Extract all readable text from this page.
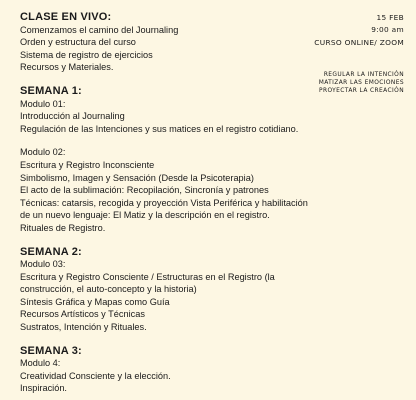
CLASE EN VIVO:
Comenzamos el camino del Journaling
Orden y estructura del curso
Sistema de registro de ejercicios
Recursos y Materiales.
SEMANA 1:
Modulo 01:
Introducción al Journaling
Regulación de las Intenciones y sus matices en el registro cotidiano.
Modulo 02:
Escritura y Registro Inconsciente
Simbolismo, Imagen y Sensación (Desde la Psicoterapia)
El acto de la sublimación: Recopilación, Sincronía y patrones
Técnicas: catarsis, recogida y proyección Vista Periférica y habilitación de un nuevo lenguaje: El Matiz y la descripción en el registro.
Rituales de Registro.
SEMANA 2:
Modulo 03:
Escritura y Registro Consciente / Estructuras en el Registro (la construcción, el auto-concepto y la historia)
Síntesis Gráfica y Mapas como Guía
Recursos Artísticos y Técnicas
Sustratos, Intención y Rituales.
SEMANA 3:
Modulo 4:
Creatividad Consciente y la elección.
Inspiración.
15 FEB
9:00 am
CURSO ONLINE/ ZOOM
REGULAR LA INTENCIÓN
MATIZAR LAS EMOCIONES
PROYECTAR LA CREACIÓN
